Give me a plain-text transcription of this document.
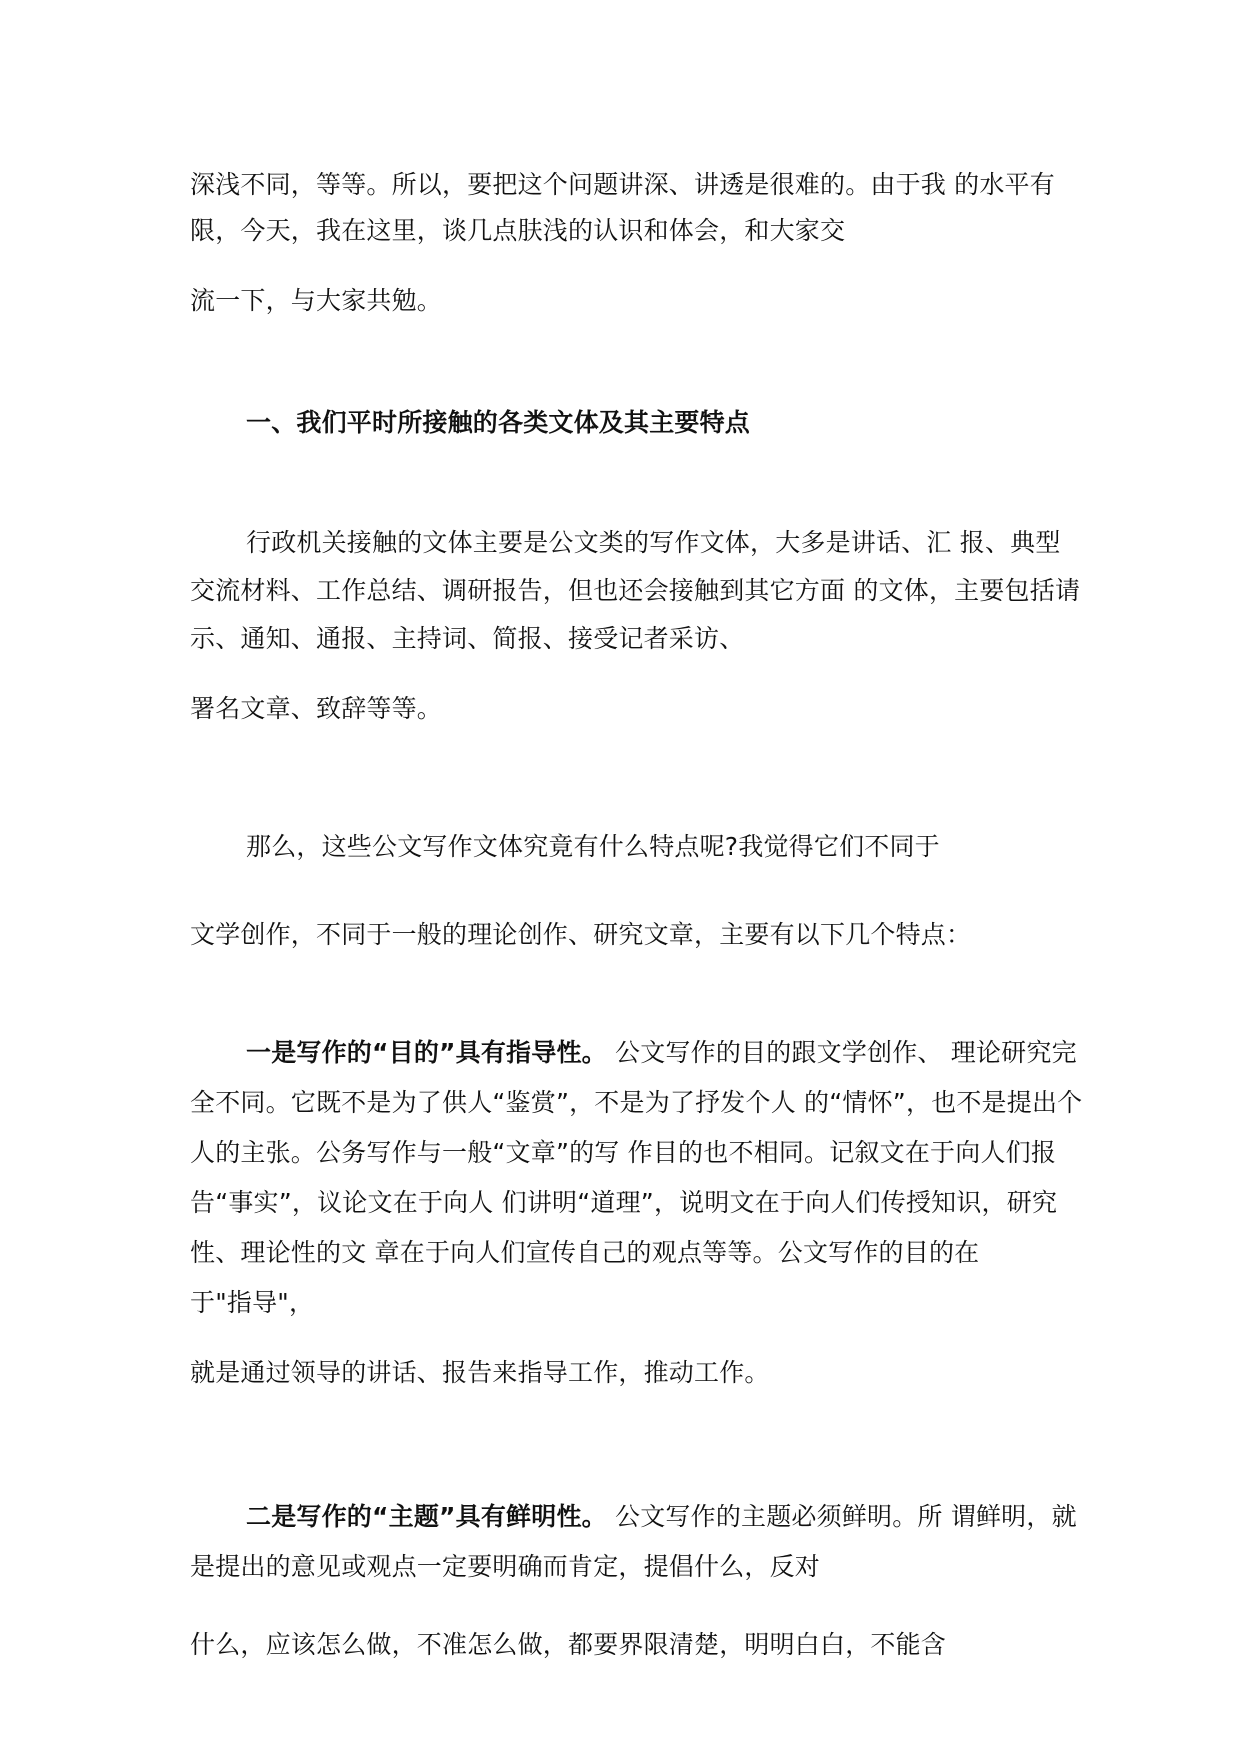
深浅不同，等等。所以，要把这个问题讲深、讲透是很难的。由于我 的水平有
限，今天，我在这里，谈几点肤浅的认识和体会，和大家交
流一下，与大家共勉。
一、我们平时所接触的各类文体及其主要特点
行政机关接触的文体主要是公文类的写作文体，大多是讲话、汇 报、典型
交流材料、工作总结、调研报告，但也还会接触到其它方面 的文体，主要包括请
示、通知、通报、主持词、简报、接受记者采访、
署名文章、致辞等等。
那么，这些公文写作文体究竟有什么特点呢?我觉得它们不同于
文学创作，不同于一般的理论创作、研究文章，主要有以下几个特点：
一是写作的“目的”具有指导性。 公文写作的目的跟文学创作、 理论研究完
全不同。它既不是为了供人“鉴赏”，不是为了抒发个人 的“情怀”，也不是提出个
人的主张。公务写作与一般“文章”的写 作目的也不相同。记叙文在于向人们报
告“事实”，议论文在于向人 们讲明“道理”，说明文在于向人们传授知识，研究
性、理论性的文 章在于向人们宣传自己的观点等等。公文写作的目的在
于"指导"，
就是通过领导的讲话、报告来指导工作，推动工作。
二是写作的“主题”具有鲜明性。 公文写作的主题必须鲜明。所 谓鲜明，就
是提出的意见或观点一定要明确而肯定，提倡什么，反对
什么，应该怎么做，不准怎么做，都要界限清楚，明明白白，不能含
